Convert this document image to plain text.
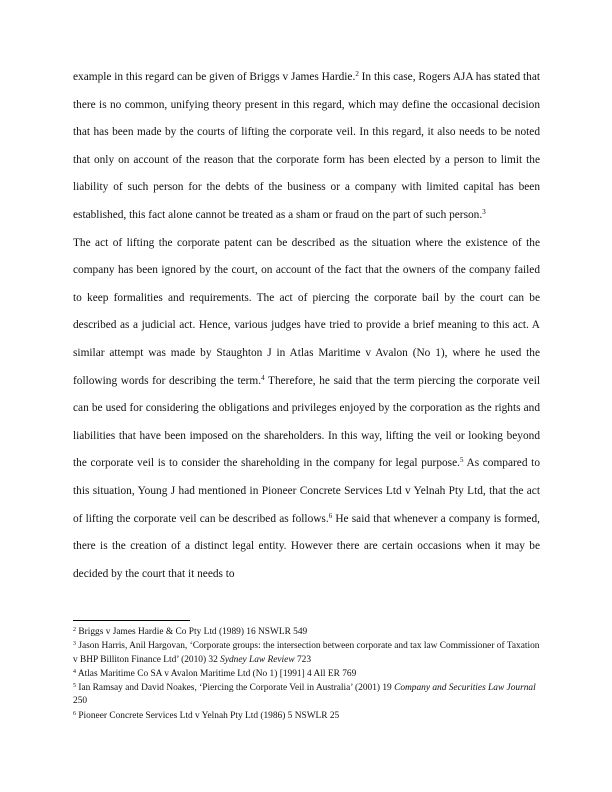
example in this regard can be given of Briggs v James Hardie.$^2$ In this case, Rogers AJA has stated that there is no common, unifying theory present in this regard, which may define the occasional decision that has been made by the courts of lifting the corporate veil. In this regard, it also needs to be noted that only on account of the reason that the corporate form has been elected by a person to limit the liability of such person for the debts of the business or a company with limited capital has been established, this fact alone cannot be treated as a sham or fraud on the part of such person.$^3$

The act of lifting the corporate patent can be described as the situation where the existence of the company has been ignored by the court, on account of the fact that the owners of the company failed to keep formalities and requirements. The act of piercing the corporate bail by the court can be described as a judicial act. Hence, various judges have tried to provide a brief meaning to this act. A similar attempt was made by Staughton J in Atlas Maritime v Avalon (No 1), where he used the following words for describing the term.$^4$ Therefore, he said that the term piercing the corporate veil can be used for considering the obligations and privileges enjoyed by the corporation as the rights and liabilities that have been imposed on the shareholders. In this way, lifting the veil or looking beyond the corporate veil is to consider the shareholding in the company for legal purpose.$^5$ As compared to this situation, Young J had mentioned in Pioneer Concrete Services Ltd v Yelnah Pty Ltd, that the act of lifting the corporate veil can be described as follows.$^6$ He said that whenever a company is formed, there is the creation of a distinct legal entity. However there are certain occasions when it may be decided by the court that it needs to

$^2$ Briggs v James Hardie & Co Pty Ltd (1989) 16 NSWLR 549

$^3$ Jason Harris, Anil Hargovan, ‘Corporate groups: the intersection between corporate and tax law Commissioner of Taxation v BHP Billiton Finance Ltd’ (2010) 32 Sydney Law Review 723

$^4$ Atlas Maritime Co SA v Avalon Maritime Ltd (No 1) [1991] 4 All ER 769

$^5$ Ian Ramsay and David Noakes, ‘Piercing the Corporate Veil in Australia’ (2001) 19 Company and Securities Law Journal 250

$^6$ Pioneer Concrete Services Ltd v Yelnah Pty Ltd (1986) 5 NSWLR 25
